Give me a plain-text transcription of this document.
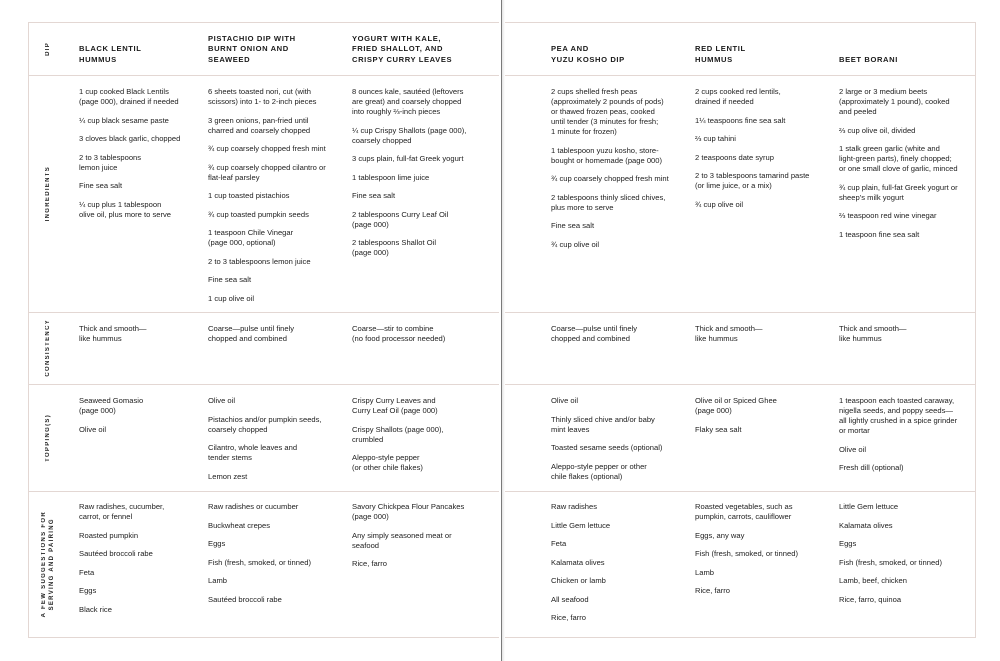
DIP
INGREDIENTS
CONSISTENCY
TOPPING(S)
A FEW SUGGESTIONS FOR
SERVING AND PAIRING
BLACK LENTIL
HUMMUS
PISTACHIO DIP WITH
BURNT ONION AND
SEAWEED
YOGURT WITH KALE,
FRIED SHALLOT, AND
CRISPY CURRY LEAVES
PEA AND
YUZU KOSHO DIP
RED LENTIL
HUMMUS	BEET BORANI

1 cup cooked Black Lentils
(page 000), drained if needed

¼ cup black sesame paste

3 cloves black garlic, chopped

2 to 3 tablespoons
lemon juice

Fine sea salt

¼ cup plus 1 tablespoon
olive oil, plus more to serve

Thick and smooth—
like hummus

Seaweed Gomasio
(page 000)

Olive oil

Raw radishes, cucumber,
carrot, or fennel

Roasted pumpkin

Sautéed broccoli rabe

Feta

Eggs

Black rice

6 sheets toasted nori, cut (with
scissors) into 1- to 2-inch pieces

3 green onions, pan-fried until
charred and coarsely chopped

¾ cup coarsely chopped fresh mint

¾ cup coarsely chopped cilantro or
flat-leaf parsley

1 cup toasted pistachios

¾ cup toasted pumpkin seeds

1 teaspoon Chile Vinegar
(page 000, optional)

2 to 3 tablespoons lemon juice

Fine sea salt

1 cup olive oil

Coarse—pulse until finely
chopped and combined

Olive oil

Pistachios and/or pumpkin seeds,
coarsely chopped

Cilantro, whole leaves and
tender stems

Lemon zest

Raw radishes or cucumber

Buckwheat crepes

Eggs

Fish (fresh, smoked, or tinned)

Lamb

Sautéed broccoli rabe

8 ounces kale, sautéed (leftovers
are great) and coarsely chopped
into roughly ⅔-inch pieces

¼ cup Crispy Shallots (page 000),
coarsely chopped

3 cups plain, full-fat Greek yogurt

1 tablespoon lime juice

Fine sea salt

2 tablespoons Curry Leaf Oil
(page 000)

2 tablespoons Shallot Oil
(page 000)

Coarse—stir to combine
(no food processor needed)

Crispy Curry Leaves and
Curry Leaf Oil (page 000)

Crispy Shallots (page 000),
crumbled

Aleppo-style pepper
(or other chile flakes)

Savory Chickpea Flour Pancakes
(page 000)

Any simply seasoned meat or
seafood

Rice, farro

2 cups shelled fresh peas
(approximately 2 pounds of pods)
or thawed frozen peas, cooked
until tender (3 minutes for fresh;
1 minute for frozen)

1 tablespoon yuzu kosho, store-
bought or homemade (page 000)

¾ cup coarsely chopped fresh mint

2 tablespoons thinly sliced chives,
plus more to serve

Fine sea salt

¾ cup olive oil

Coarse—pulse until finely
chopped and combined

Olive oil

Thinly sliced chive and/or baby
mint leaves

Toasted sesame seeds (optional)

Aleppo-style pepper or other
chile flakes (optional)

Raw radishes

Little Gem lettuce

Feta

Kalamata olives

Chicken or lamb

All seafood

Rice, farro

2 cups cooked red lentils,
drained if needed

1¼ teaspoons fine sea salt

⅔ cup tahini

2 teaspoons date syrup

2 to 3 tablespoons tamarind paste
(or lime juice, or a mix)

¾ cup olive oil

Thick and smooth—
like hummus

Olive oil or Spiced Ghee
(page 000)

Flaky sea salt

Roasted vegetables, such as
pumpkin, carrots, cauliflower

Eggs, any way

Fish (fresh, smoked, or tinned)

Lamb

Rice, farro

2 large or 3 medium beets
(approximately 1 pound), cooked
and peeled

⅔ cup olive oil, divided

1 stalk green garlic (white and
light-green parts), finely chopped;
or one small clove of garlic, minced

¾ cup plain, full-fat Greek yogurt or
sheep’s milk yogurt

⅔ teaspoon red wine vinegar

1 teaspoon fine sea salt

Thick and smooth—
like hummus

1 teaspoon each toasted caraway,
nigella seeds, and poppy seeds—
all lightly crushed in a spice grinder
or mortar

Olive oil

Fresh dill (optional)

Little Gem lettuce

Kalamata olives

Eggs

Fish (fresh, smoked, or tinned)

Lamb, beef, chicken

Rice, farro, quinoa
